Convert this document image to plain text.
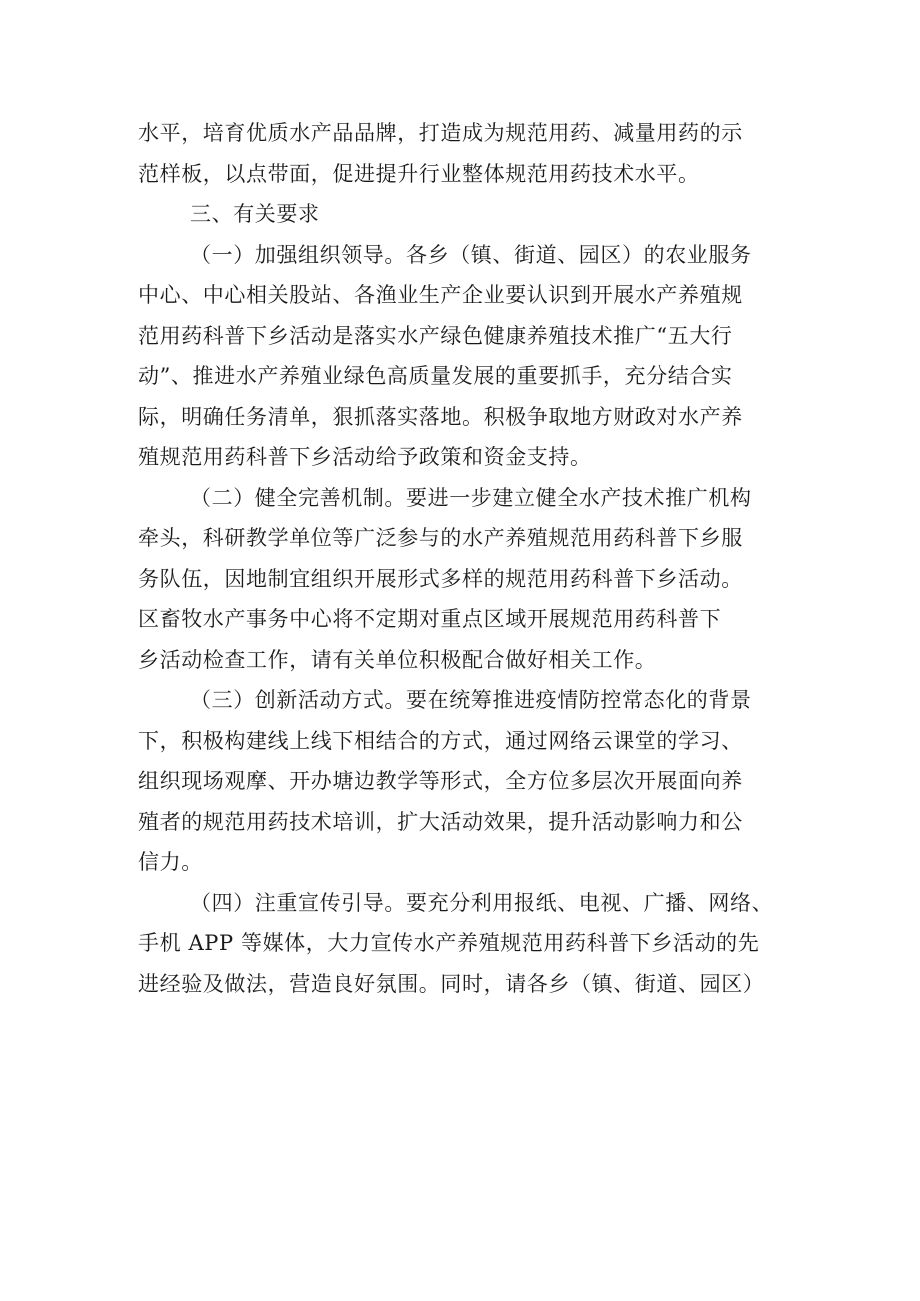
水平，培育优质水产品品牌，打造成为规范用药、减量用药的示
范样板，以点带面，促进提升行业整体规范用药技术水平。
三、有关要求
（一）加强组织领导。各乡（镇、街道、园区）的农业服务
中心、中心相关股站、各渔业生产企业要认识到开展水产养殖规
范用药科普下乡活动是落实水产绿色健康养殖技术推广“五大行
动”、推进水产养殖业绿色高质量发展的重要抓手，充分结合实
际，明确任务清单，狠抓落实落地。积极争取地方财政对水产养
殖规范用药科普下乡活动给予政策和资金支持。
（二）健全完善机制。要进一步建立健全水产技术推广机构
牵头，科研教学单位等广泛参与的水产养殖规范用药科普下乡服
务队伍，因地制宜组织开展形式多样的规范用药科普下乡活动。
区畜牧水产事务中心将不定期对重点区域开展规范用药科普下
乡活动检查工作，请有关单位积极配合做好相关工作。
（三）创新活动方式。要在统筹推进疫情防控常态化的背景
下，积极构建线上线下相结合的方式，通过网络云课堂的学习、
组织现场观摩、开办塘边教学等形式，全方位多层次开展面向养
殖者的规范用药技术培训，扩大活动效果，提升活动影响力和公
信力。
（四）注重宣传引导。要充分利用报纸、电视、广播、网络、
手机 APP 等媒体，大力宣传水产养殖规范用药科普下乡活动的先
进经验及做法，营造良好氛围。同时，请各乡（镇、街道、园区）
